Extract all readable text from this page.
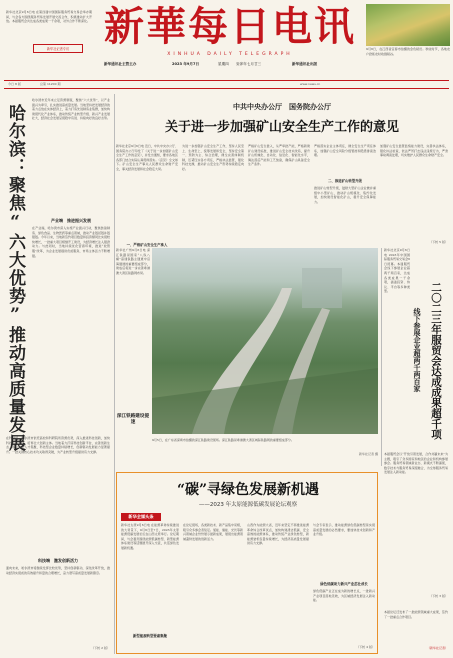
新华社北京9月6日电 在第四届中国国际服务贸易交易会举办期间，与会各方围绕服务贸易发展开展交流合作，积极推动扩大开放。本届服贸会共达成各类成果一千余项，对外合作不断深化。
新华社记者专访 新華每日电讯
XINHUA DAILY TELEGRAPH
9月6日，在江西省宜春市拍摄的金色稻田。秋收时节，各地农户抢抓农时收割稻谷。
新华通讯社主管主办	2023 年9月7日	星期四	癸卯年七月廿三	新华通讯社出版
今日 8 版	总第 11200 期	www.news.cn
哈尔滨：聚焦“六大优势”推动高质量发展
哈尔滨市近年来立足资源禀赋，聚焦“六大优势”，以产业振兴为牵引，扎实推进高质量发展。当地坚持把发展经济的着力点放在实体经济上，着力打造先进制造业集群，加快构建现代化产业体系，推动传统产业转型升级、新兴产业发展壮大，经济社会发展呈现稳中有进、持续向好的良好态势。
产业端　推进振兴发展
在产业端，哈尔滨市深入实施产业振兴行动，聚焦装备制造、绿色食品、生物医药等重点领域，推动产业链延链补链强链。今年以来，当地新签约项目数量和投资额同比实现较快增长，一批重大项目相继开工建设，为经济增长注入强劲动力。与此同时，当地持续优化营商环境，推进“放管服”改革，为企业发展提供优质服务，市场主体活力不断增强。
在科技端，哈尔滨市依托高校和科研院所资源优势，深入推进科技创新，加快科技成果转化，培育壮大创新主体。当地着力打造科技创新平台，完善创新生态，吸引各类人才集聚，科技型企业数量持续增长，创新驱动发展能力显著提升。一批关键核心技术攻关取得突破，为产业转型升级提供有力支撑。
科技端　激发创新活力
面向未来，哈尔滨市将继续发挥比较优势，坚持创新驱动，深化改革开放，推动经济实现质的有效提升和量的合理增长，奋力谱写高质量发展新篇章。
（下转 2 版）
中共中央办公厅　国务院办公厅
关于进一步加强矿山安全生产工作的意见
新华社北京9月6日电 近日，中共中央办公厅、国务院办公厅印发了《关于进一步加强矿山安全生产工作的意见》，并发出通知，要求各地区各部门结合实际认真贯彻落实。《意见》全文如下。矿山安全生产事关人民群众生命财产安全，事关经济发展和社会稳定大局。
一、严格矿山安全生产准入
为进一步加强矿山安全生产工作，坚持人民至上、生命至上，统筹发展和安全，坚持安全第一、预防为主、综合治理，健全完善体制机制，压紧压实各方责任，严格执法监管，强化科技支撑，推动矿山安全生产形势持续稳定向好。
严格矿山安全准入，从严审批产能，严格新建矿山建设标准，推进矿山安全技术改造，提升矿山机械化、自动化、信息化、智能化水平，淘汰落后产能和工艺装备，确保矿山具备安全生产条件。
二、推进矿山转型升级
严格落实企业主体责任，健全安全生产责任体系，加强矿山安全风险分级管控和隐患排查治理。
推进矿山转型升级，鼓励大型矿山企业兼并重组中小型矿山，推动矿山规模化、集约化发展，加快建设智能化矿山，提升安全保障能力。
加强矿山安全监管监察能力建设，完善执法体系，强化执法检查，依法严厉打击违法违规行为，严肃事故调查处理，切实维护人民群众生命财产安全。
（下转 5 版）
新华社广州9月6日电 深江铁路是国家“八纵八横”高速铁路主通道中沿海通道的重要组成部分，建成后将进一步完善粤港澳大湾区铁路网布局。
深江铁路建设提速
9月5日，在广东省深圳市拍摄的深江铁路建设现场。深江铁路是粤港澳大湾区城际铁路网的重要组成部分。
新华社记者 摄
新华社北京9月6日电 2023年中国国际服务贸易交易会6日闭幕。本届服贸会线下参展企业超两千两百家，达成各类成果一千余项，涵盖投资、协议、平台等多种类型。
线下参展企业超两千两百家 二〇二三年服贸会达成成果超千项
本届服贸会以“开放引领发展，合作共赢未来”为主题，吸引了众多国家和地区的企业和机构参展参会。服务贸易领域新业态、新模式不断涌现，数字技术与服务贸易深度融合，为全球服务贸易发展注入新动能。
（下转 3 版）
“碳”寻绿色发展新机遇
——2023 年太原能源低碳发展论坛观察
新华全媒头条
新华社太原9月6日电 在能源革命持续推进的大背景下，9月6日至7日，2023年太原能源低碳发展论坛在山西太原举行。论坛期间，与会嘉宾围绕能源低碳转型、新型能源体系建设等话题展开深入交流，共话绿色发展新机遇。
在论坛现场，各类新技术、新产品集中亮相，吸引众多参会者驻足。氢能、储能、光伏等新兴领域企业纷纷展示最新成果，展现出能源领域蓬勃发展的创新活力。
新型能源转型要素集聚
山西作为能源大省，近年来坚定不移推进能源革命综合改革试点，加快构建清洁低碳、安全高效的能源体系，推动传统产业绿色转型，新能源装机容量持续增长，为经济高质量发展提供有力支撑。
绿色低碳助力新兴产业茁壮成长
与会专家表示，推动能源绿色低碳转型是实现高质量发展的必然要求，要加快技术创新和产业升级。
绿色低碳产业正在成为新的增长点，一批新兴产业项目落地见效，为区域经济发展注入新动能。
（下转 4 版）
本届论坛还发布了一批能源领域重大成果，签约了一批重点合作项目。
（新华社记者）
